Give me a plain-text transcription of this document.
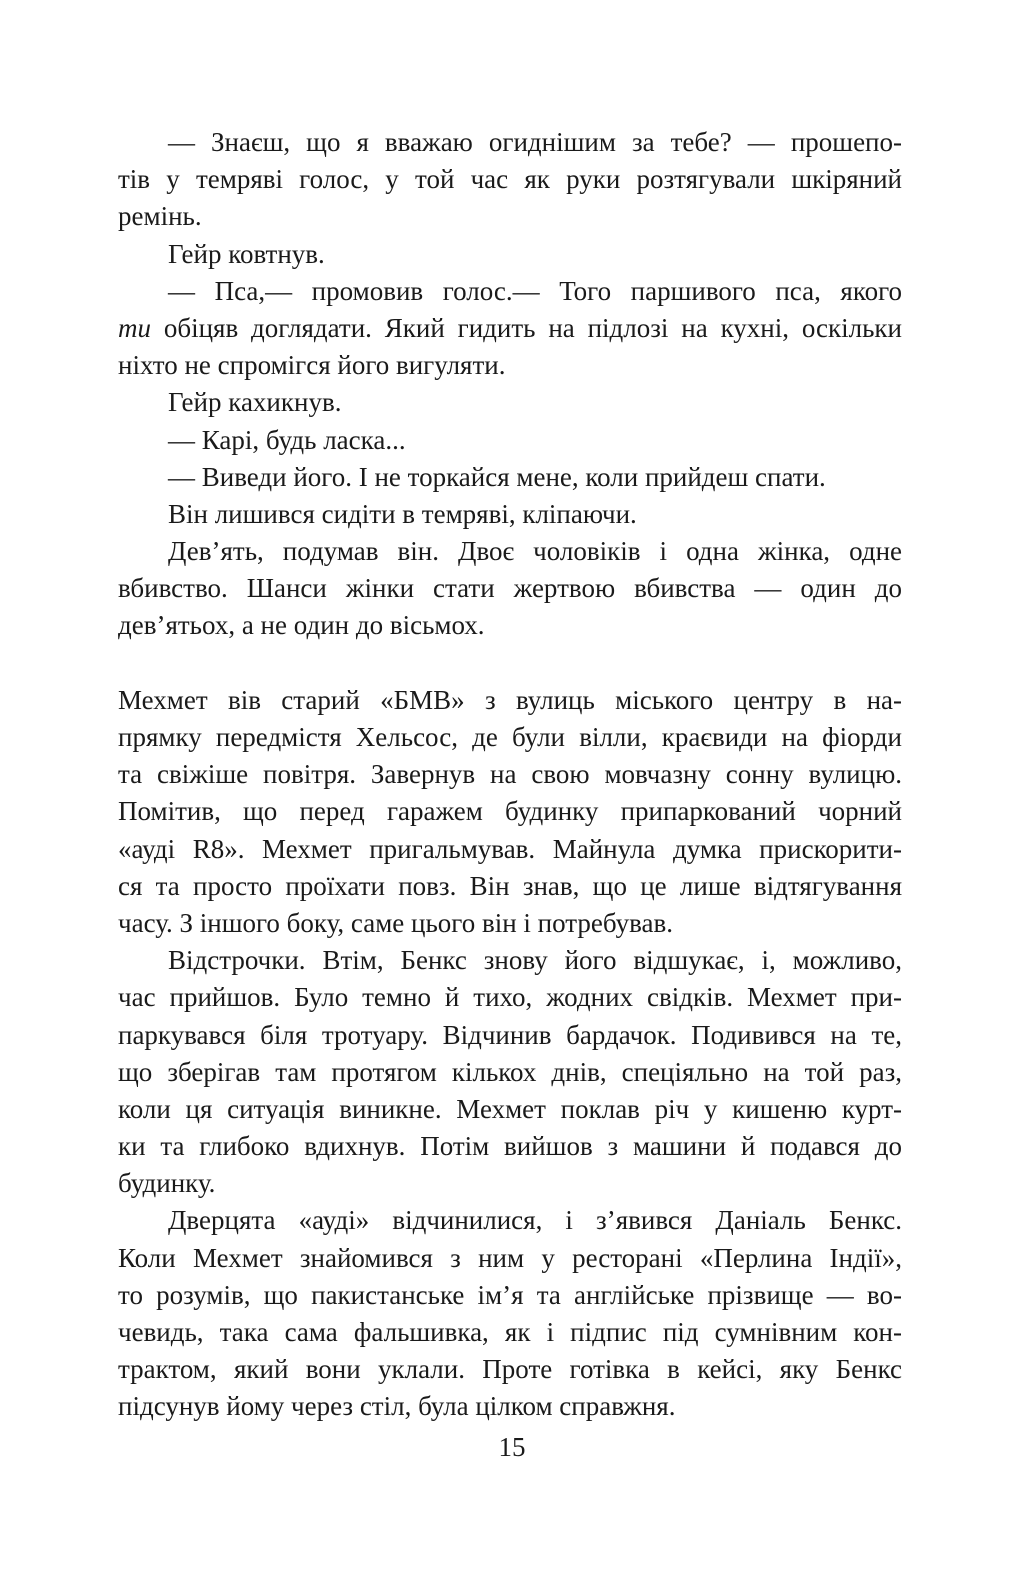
— Знаєш, що я вважаю огиднішим за тебе? — прошепо-
тів у темряві голос, у той час як руки розтягували шкіряний
ремінь.
Гейр ковтнув.
— Пса,— промовив голос.— Того паршивого пса, якого
ти обіцяв доглядати. Який гидить на підлозі на кухні, оскільки
ніхто не спромігся його вигуляти.
Гейр кахикнув.
— Карі, будь ласка...
— Виведи його. І не торкайся мене, коли прийдеш спати.
Він лишився сидіти в темряві, кліпаючи.
Дев’ять, подумав він. Двоє чоловіків і одна жінка, одне
вбивство. Шанси жінки стати жертвою вбивства — один до
дев’ятьох, а не один до вісьмох.
Мехмет вів старий «БМВ» з вулиць міського центру в на-
прямку передмістя Хельсос, де були вілли, краєвиди на фіорди
та свіжіше повітря. Завернув на свою мовчазну сонну вулицю.
Помітив, що перед гаражем будинку припаркований чорний
«ауді R8». Мехмет пригальмував. Майнула думка прискорити-
ся та просто проїхати повз. Він знав, що це лише відтягування
часу. З іншого боку, саме цього він і потребував.
Відстрочки. Втім, Бенкс знову його відшукає, і, можливо,
час прийшов. Було темно й тихо, жодних свідків. Мехмет при-
паркувався біля тротуару. Відчинив бардачок. Подивився на те,
що зберігав там протягом кількох днів, спеціяльно на той раз,
коли ця ситуація виникне. Мехмет поклав річ у кишеню курт-
ки та глибоко вдихнув. Потім вийшов з машини й подався до
будинку.
Дверцята «ауді» відчинилися, і з’явився Даніаль Бенкс.
Коли Мехмет знайомився з ним у ресторані «Перлина Індії»,
то розумів, що пакистанське ім’я та англійське прізвище — во-
чевидь, така сама фальшивка, як і підпис під сумнівним кон-
трактом, який вони уклали. Проте готівка в кейсі, яку Бенкс
підсунув йому через стіл, була цілком справжня.
15
